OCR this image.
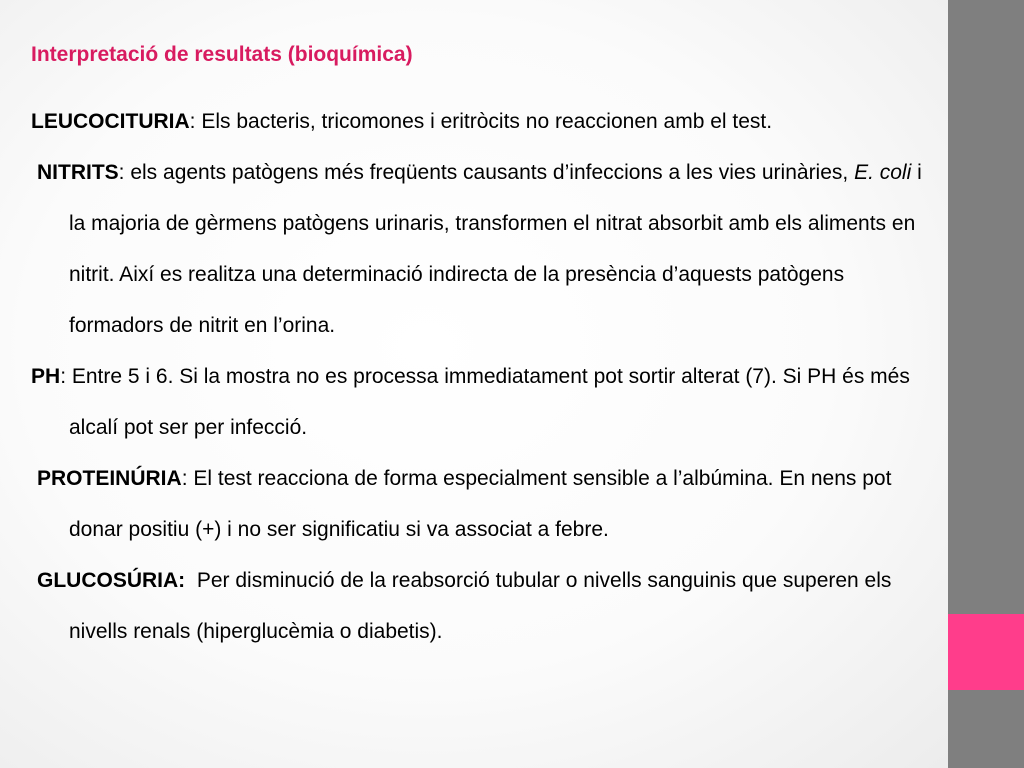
Interpretació de resultats (bioquímica)

LEUCOCITURIA: Els bacteris, tricomones i eritròcits no reaccionen amb el test.

NITRITS: els agents patògens més freqüents causants d’infeccions a les vies urinàries, E. coli i la majoria de gèrmens patògens urinaris, transformen el nitrat absorbit amb els aliments en nitrit. Així es realitza una determinació indirecta de la presència d’aquests patògens formadors de nitrit en l’orina.

PH: Entre 5 i 6. Si la mostra no es processa immediatament pot sortir alterat (7). Si PH és més alcalí pot ser per infecció.

PROTEINÚRIA: El test reacciona de forma especialment sensible a l’albúmina. En nens pot donar positiu (+) i no ser significatiu si va associat a febre.

GLUCOSÚRIA:  Per disminució de la reabsorció tubular o nivells sanguinis que superen els nivells renals (hiperglucèmia o diabetis).
